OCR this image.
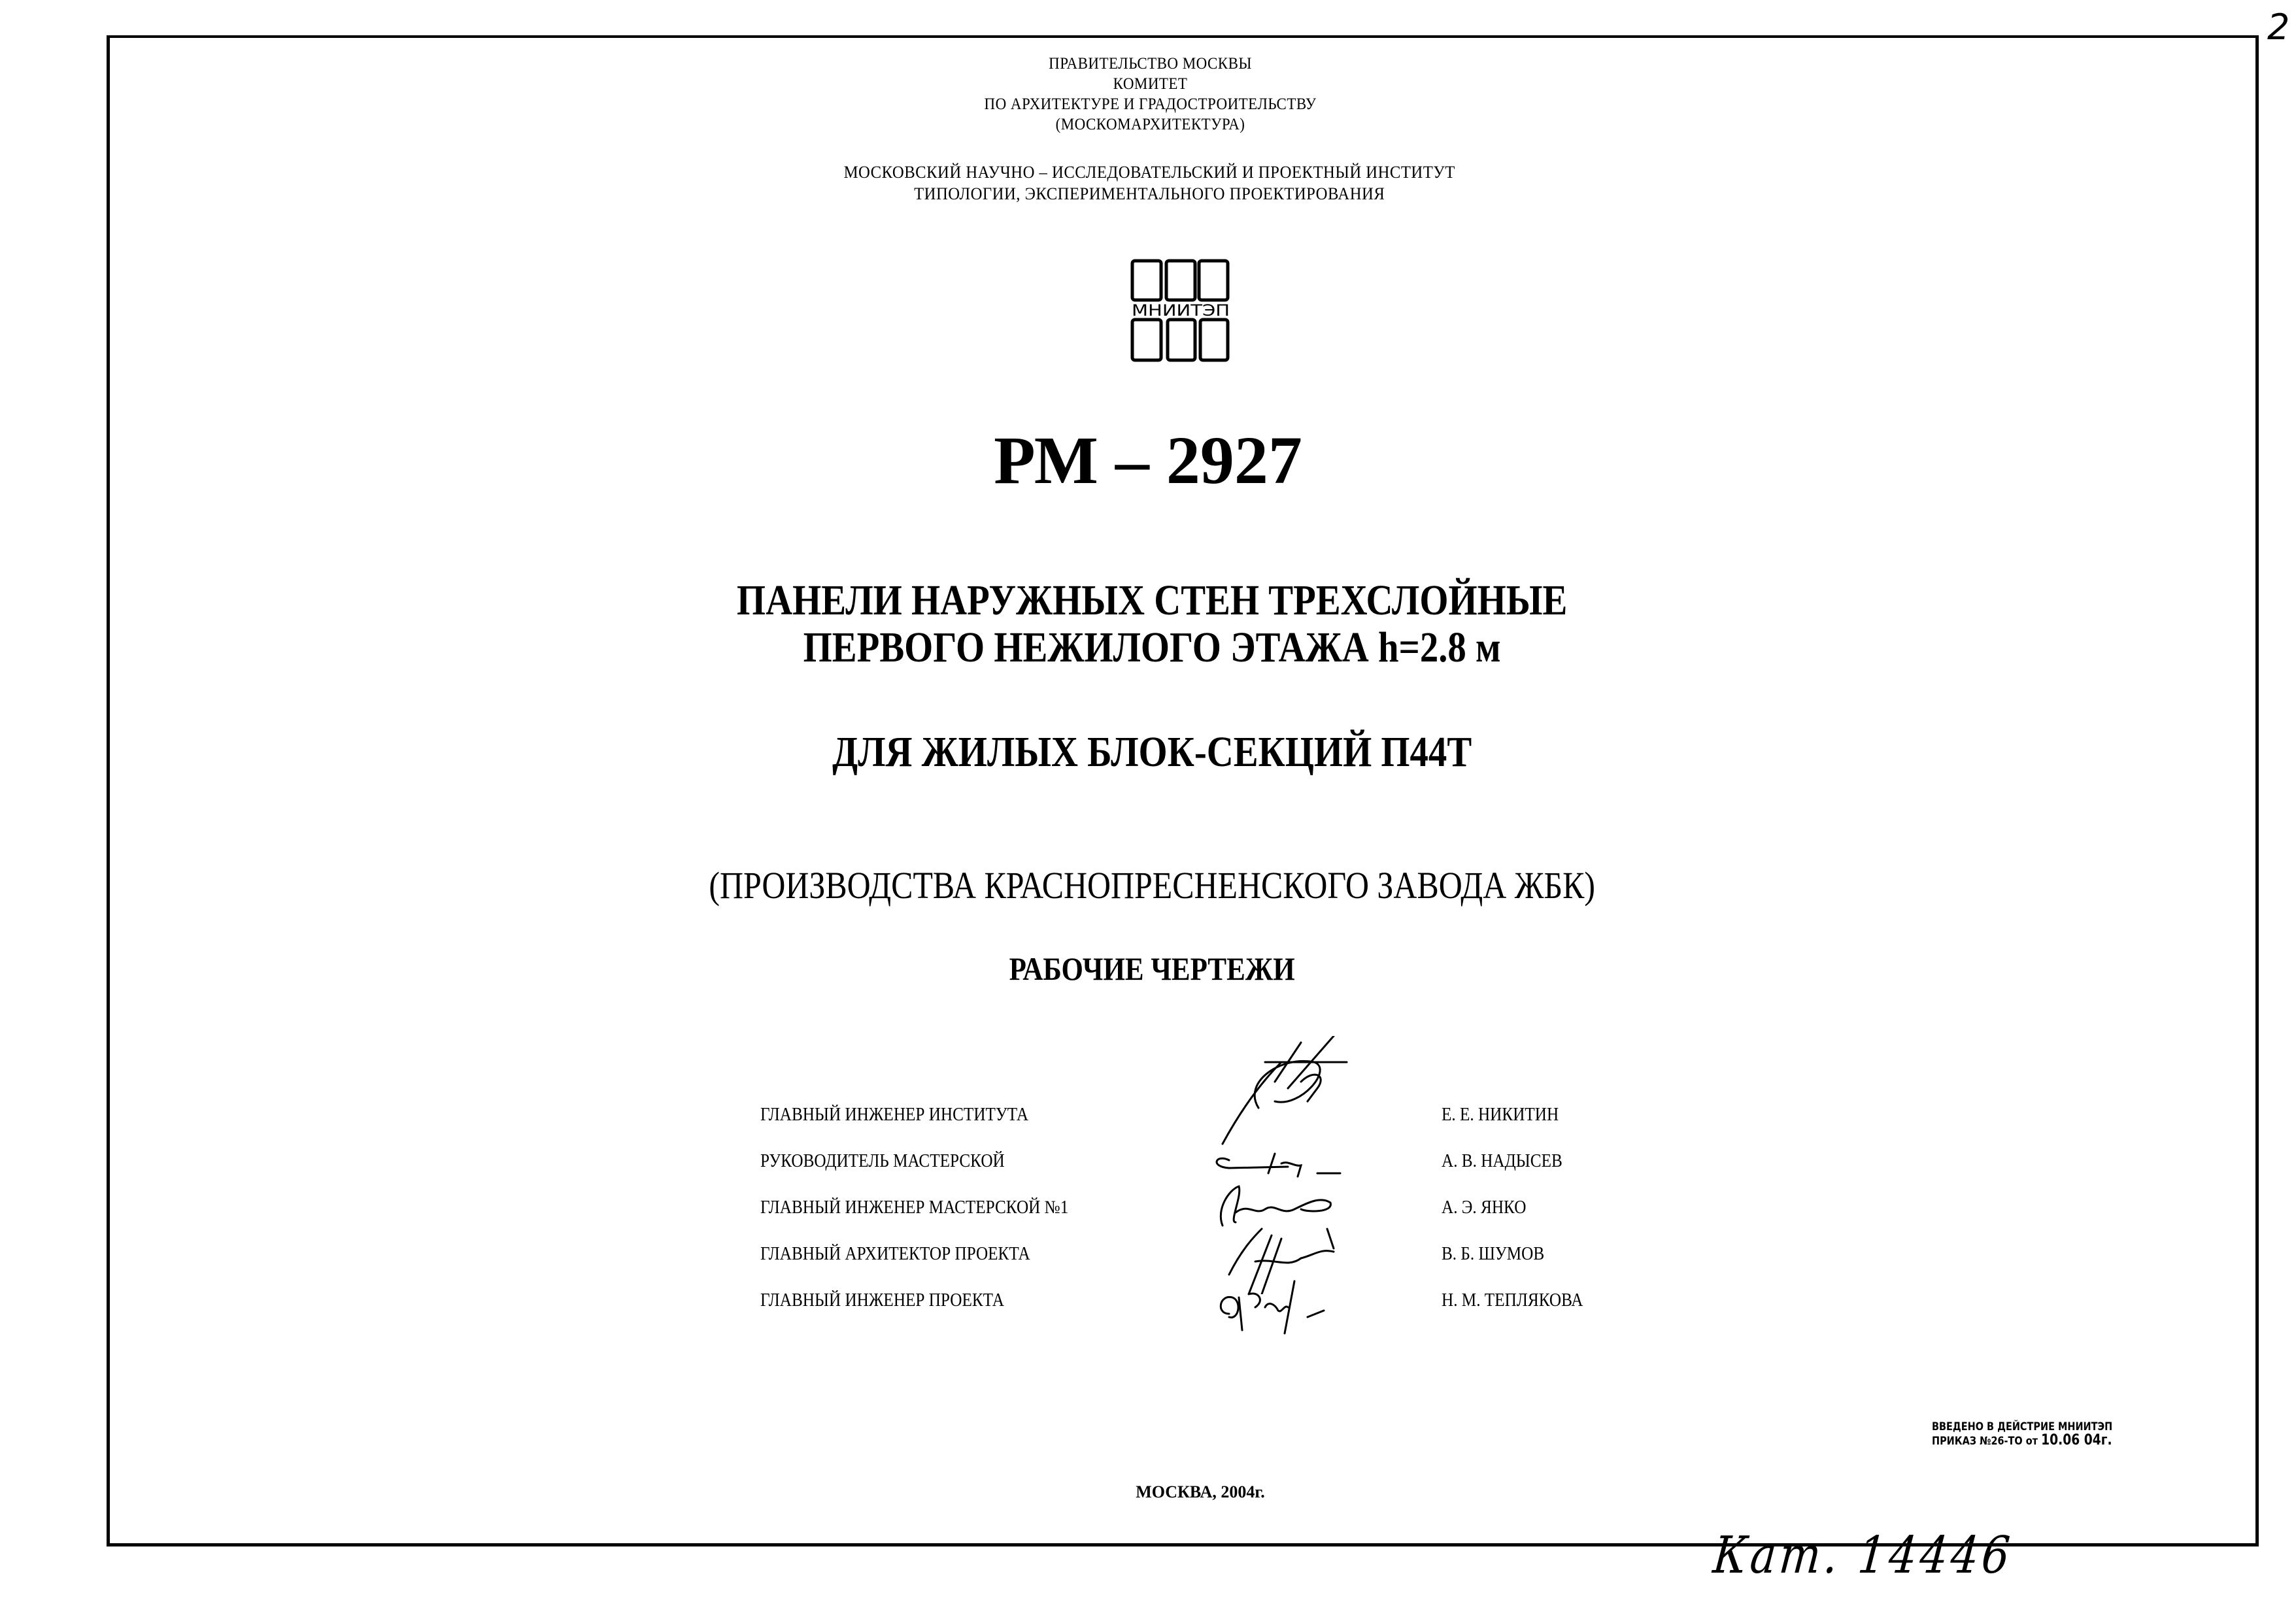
2
ПРАВИТЕЛЬСТВО МОСКВЫ
КОМИТЕТ
ПО АРХИТЕКТУРЕ И ГРАДОСТРОИТЕЛЬСТВУ
(МОСКОМАРХИТЕКТУРА)
МОСКОВСКИЙ НАУЧНО – ИССЛЕДОВАТЕЛЬСКИЙ И ПРОЕКТНЫЙ ИНСТИТУТ
ТИПОЛОГИИ, ЭКСПЕРИМЕНТАЛЬНОГО ПРОЕКТИРОВАНИЯ
МНИИТЭП
РМ – 2927
ПАНЕЛИ НАРУЖНЫХ СТЕН ТРЕХСЛОЙНЫЕ
ПЕРВОГО НЕЖИЛОГО ЭТАЖА h=2.8 м
ДЛЯ ЖИЛЫХ БЛОК-СЕКЦИЙ П44Т
(ПРОИЗВОДСТВА КРАСНОПРЕСНЕНСКОГО ЗАВОДА ЖБК)
РАБОЧИЕ ЧЕРТЕЖИ
ГЛАВНЫЙ ИНЖЕНЕР ИНСТИТУТА	Е. Е. НИКИТИН
РУКОВОДИТЕЛЬ МАСТЕРСКОЙ	А. В. НАДЫСЕВ
ГЛАВНЫЙ ИНЖЕНЕР МАСТЕРСКОЙ №1	А. Э. ЯНКО
ГЛАВНЫЙ АРХИТЕКТОР ПРОЕКТА	В. Б. ШУМОВ
ГЛАВНЫЙ ИНЖЕНЕР ПРОЕКТА	Н. М. ТЕПЛЯКОВА
ВВЕДЕНО В ДЕЙСТРИЕ МНИИТЭП
ПРИКАЗ №26-ТО от 10.06 04г.
МОСКВА, 2004г.
Кат. 14446
